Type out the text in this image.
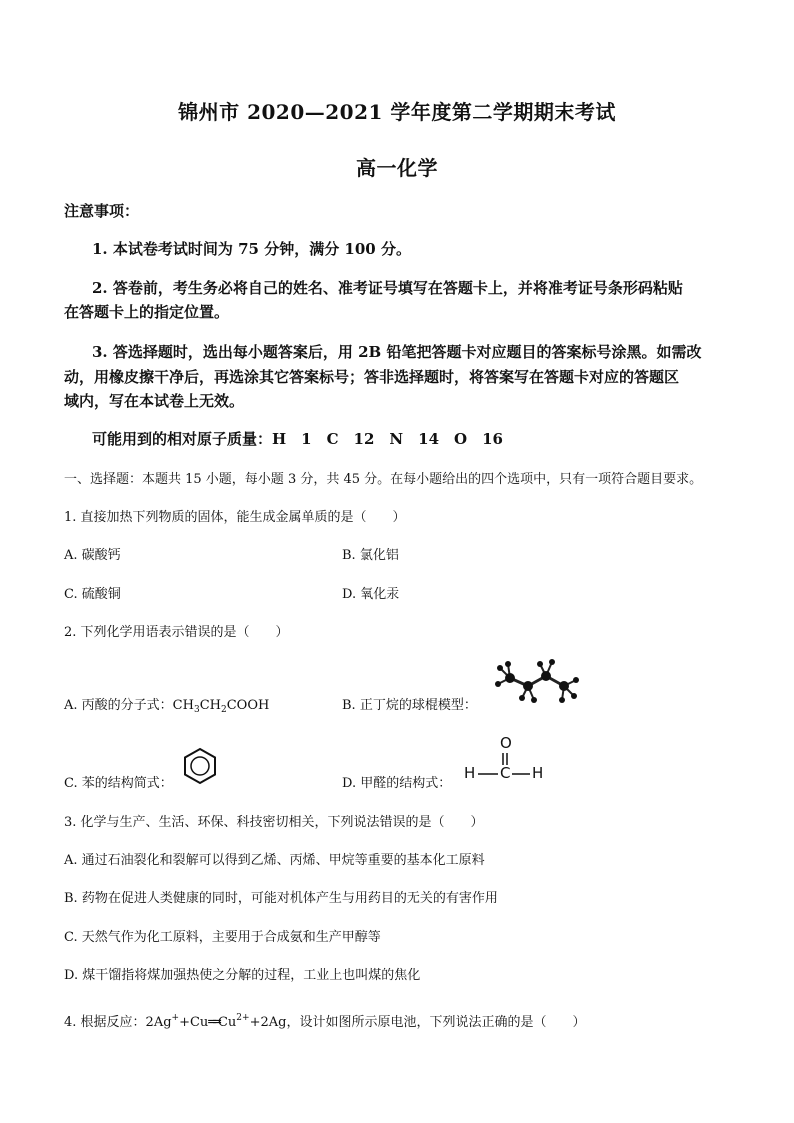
锦州市 2020—2021 学年度第二学期期末考试
高一化学
注意事项：
1. 本试卷考试时间为 75 分钟，满分 100 分。
2. 答卷前，考生务必将自己的姓名、准考证号填写在答题卡上，并将准考证号条形码粘贴
在答题卡上的指定位置。
3. 答选择题时，选出每小题答案后，用 2B 铅笔把答题卡对应题目的答案标号涂黑。如需改
动，用橡皮擦干净后，再选涂其它答案标号；答非选择题时，将答案写在答题卡对应的答题区
域内，写在本试卷上无效。
可能用到的相对原子质量：H　1　C　12　N　14　O　16
一、选择题：本题共 15 小题，每小题 3 分，共 45 分。在每小题给出的四个选项中，只有一项符合题目要求。
1. 直接加热下列物质的固体，能生成金属单质的是（　　）
A. 碳酸钙	B. 氯化铝
C. 硫酸铜	D. 氧化汞
2. 下列化学用语表示错误的是（　　）
A. 丙酸的分子式：$CH_3CH_2COOH$	B. 正丁烷的球棍模型：
C. 苯的结构简式：	D. 甲醛的结构式：
O
H C H
3. 化学与生产、生活、环保、科技密切相关，下列说法错误的是（　　）
A. 通过石油裂化和裂解可以得到乙烯、丙烯、甲烷等重要的基本化工原料
B. 药物在促进人类健康的同时，可能对机体产生与用药目的无关的有害作用
C. 天然气作为化工原料，主要用于合成氨和生产甲醇等
D. 煤干馏指将煤加强热使之分解的过程，工业上也叫煤的焦化
4. 根据反应：$2Ag^++Cu══Cu^{2+}+2Ag$，设计如图所示原电池，下列说法正确的是（　　）
